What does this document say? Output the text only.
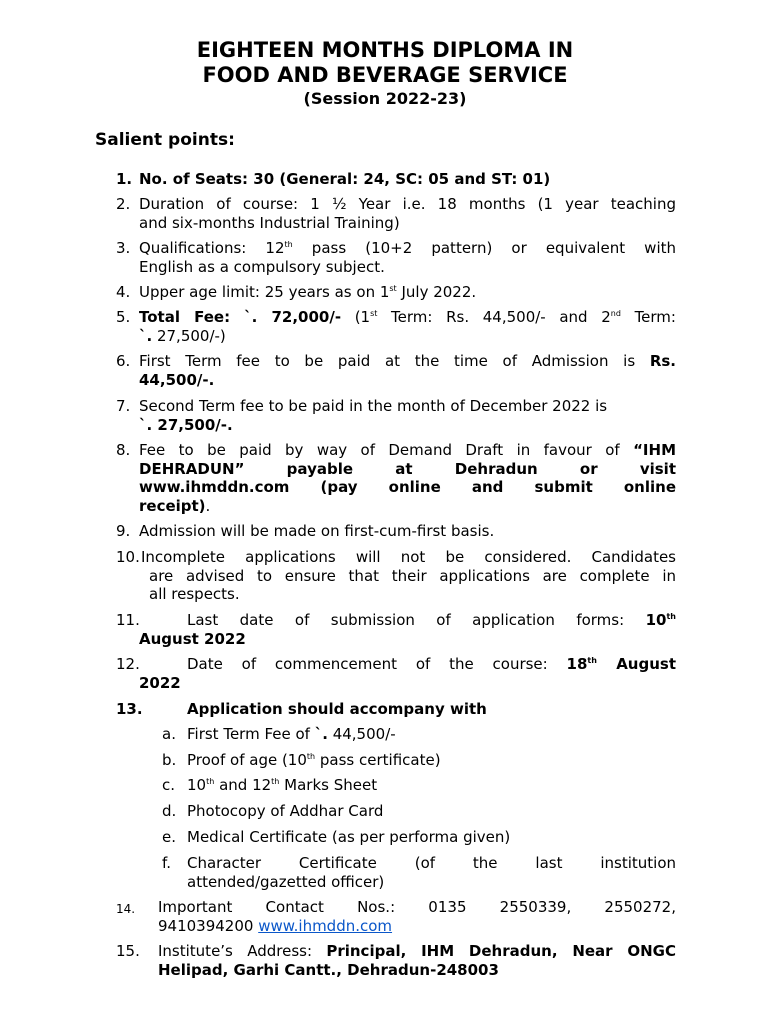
EIGHTEEN MONTHS DIPLOMA IN
FOOD AND BEVERAGE SERVICE
(Session 2022-23)
Salient points:
1. No. of Seats: 30 (General: 24, SC: 05 and ST: 01)
2. Duration of course: 1 ½ Year i.e. 18 months (1 year teaching
and six-months Industrial Training)
3. Qualifications: 12th pass (10+2 pattern) or equivalent with
English as a compulsory subject.
4. Upper age limit: 25 years as on 1st July 2022.
5. Total Fee: `. 72,000/- (1st Term: Rs. 44,500/- and 2nd Term:
`. 27,500/-)
6. First Term fee to be paid at the time of Admission is Rs.
44,500/-.
7. Second Term fee to be paid in the month of December 2022 is
`. 27,500/-.
8. Fee to be paid by way of Demand Draft in favour of “IHM
DEHRADUN” payable at Dehradun or visit
www.ihmddn.com (pay online and submit online
receipt).
9. Admission will be made on first-cum-first basis.
10. Incomplete applications will not be considered. Candidates
are advised to ensure that their applications are complete in
all respects.
11.	Last date of submission of application forms: 10th
August 2022
12.	Date of commencement of the course: 18th August
2022
13.	Application should accompany with
a. First Term Fee of `. 44,500/-
b. Proof of age (10th pass certificate)
c. 10th and 12th Marks Sheet
d. Photocopy of Addhar Card
e. Medical Certificate (as per performa given)
f. Character Certificate (of the last institution
attended/gazetted officer)
14. Important Contact Nos.: 0135 2550339, 2550272,
9410394200 www.ihmddn.com
15. Institute’s Address: Principal, IHM Dehradun, Near ONGC
Helipad, Garhi Cantt., Dehradun-248003
